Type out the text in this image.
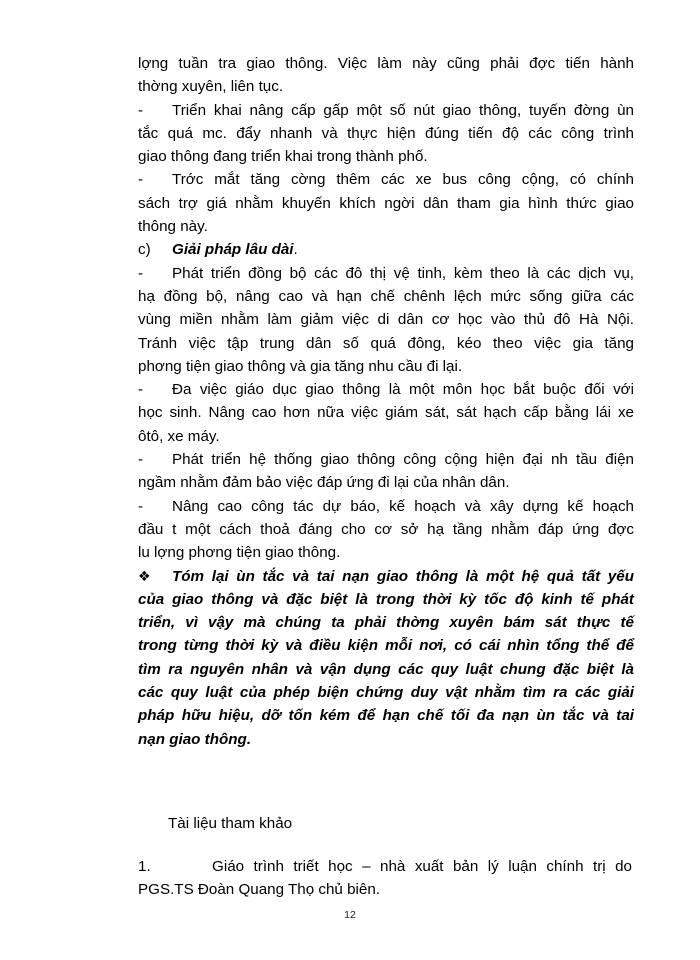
lợng tuần tra giao thông. Việc làm này cũng phải đợc tiến hành
thờng xuyên, liên tục.
-	Triển khai nâng cấp gấp một số nút giao thông, tuyến đờng ùn
tắc quá mc. đẩy nhanh và thực hiện đúng tiến độ các công trình
giao thông đang triển khai trong thành phố.
-	Trớc mắt tăng cờng thêm các xe bus công cộng, có chính
sách trợ giá nhằm khuyến khích ngời dân tham gia hình thức giao
thông này.
c)	Giải pháp lâu dài.
-	Phát triển đồng bộ các đô thị vệ tinh, kèm theo là các dịch vụ,
hạ đồng bộ, nâng cao và hạn chế chênh lệch mức sống giữa các
vùng miền nhằm làm giảm việc di dân cơ học vào thủ đô Hà Nội.
Tránh việc tập trung dân số quá đông, kéo theo việc gia tăng
phơng tiện giao thông và gia tăng nhu cầu đi lại.
-	Đa việc giáo dục giao thông là một môn học bắt buộc đối với
học sinh. Nâng cao hơn nữa việc giám sát, sát hạch cấp bằng lái xe
ôtô, xe máy.
-	Phát triển hệ thống giao thông công cộng hiện đại nh tầu điện
ngầm nhằm đảm bảo việc đáp ứng đi lại của nhân dân.
-	Nâng cao công tác dự báo, kế hoạch và xây dựng kế hoạch
đầu t một cách thoả đáng cho cơ sở hạ tầng nhằm đáp ứng đợc
lu lợng phơng tiện giao thông.
❖	Tóm lại ùn tắc và tai nạn giao thông là một hệ quả tất yếu
của giao thông và đặc biệt là trong thời kỳ tốc độ kinh tế phát
triển, vì vậy mà chúng ta phải thờng xuyên bám sát thực tế
trong từng thời kỳ và điều kiện mỗi nơi, có cái nhìn tổng thể để
tìm ra nguyên nhân và vận dụng các quy luật chung đặc biệt là
các quy luật của phép biện chứng duy vật nhằm tìm ra các giải
pháp hữu hiệu, dỡ tốn kém để hạn chế tối đa nạn ùn tắc và tai
nạn giao thông.
Tài liệu tham khảo
1.	Giáo trình triết học – nhà xuất bản lý luận chính trị do
PGS.TS Đoàn Quang Thọ chủ biên.
12
